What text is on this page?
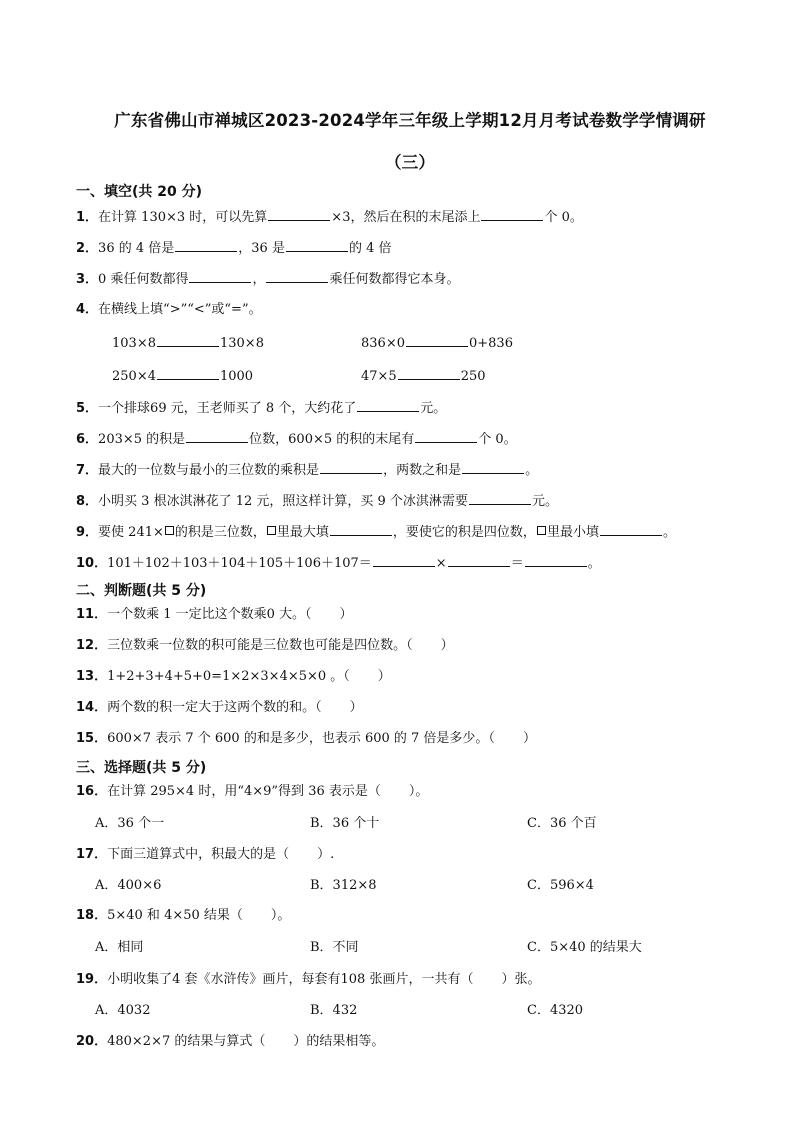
广东省佛山市禅城区2023-2024学年三年级上学期12月月考试卷数学学情调研
（三）
一、填空(共 20 分)
1．在计算 130×3 时，可以先算	×3，然后在积的末尾添上	个 0。
2．36 的 4 倍是	，36 是	的 4 倍
3．0 乘任何数都得	，	乘任何数都得它本身。
4．在横线上填“>”“<”或“=”。
103×8	130×8	836×0	0+836
250×4	1000	47×5	250
5．一个排球69 元，王老师买了 8 个，大约花了	元。
6．203×5 的积是	位数，600×5 的积的末尾有	个 0。
7．最大的一位数与最小的三位数的乘积是	，两数之和是	。
8．小明买 3 根冰淇淋花了 12 元，照这样计算，买 9 个冰淇淋需要	元。
9．要使 241× 的积是三位数， 里最大填	，要使它的积是四位数， 里最小填	。
10．101＋102＋103＋104＋105＋106＋107＝	×	＝	。
二、判断题(共 5 分)
11．一个数乘 1 一定比这个数乘0 大。（ ）
12．三位数乘一位数的积可能是三位数也可能是四位数。（ ）
13．1+2+3+4+5+0=1×2×3×4×5×0 。（ ）
14．两个数的积一定大于这两个数的和。（ ）
15．600×7 表示 7 个 600 的和是多少，也表示 600 的 7 倍是多少。（ ）
三、选择题(共 5 分)
16．在计算 295×4 时，用“4×9”得到 36 表示是（ ）。
A．36 个一	B．36 个十	C．36 个百
17．下面三道算式中，积最大的是（ ）.
A．400×6	B．312×8	C．596×4
18．5×40 和 4×50 结果（ ）。
A．相同	B．不同	C．5×40 的结果大
19．小明收集了4 套《水浒传》画片，每套有108 张画片，一共有（ ）张。
A．4032	B．432	C．4320
20．480×2×7 的结果与算式（ ）的结果相等。
